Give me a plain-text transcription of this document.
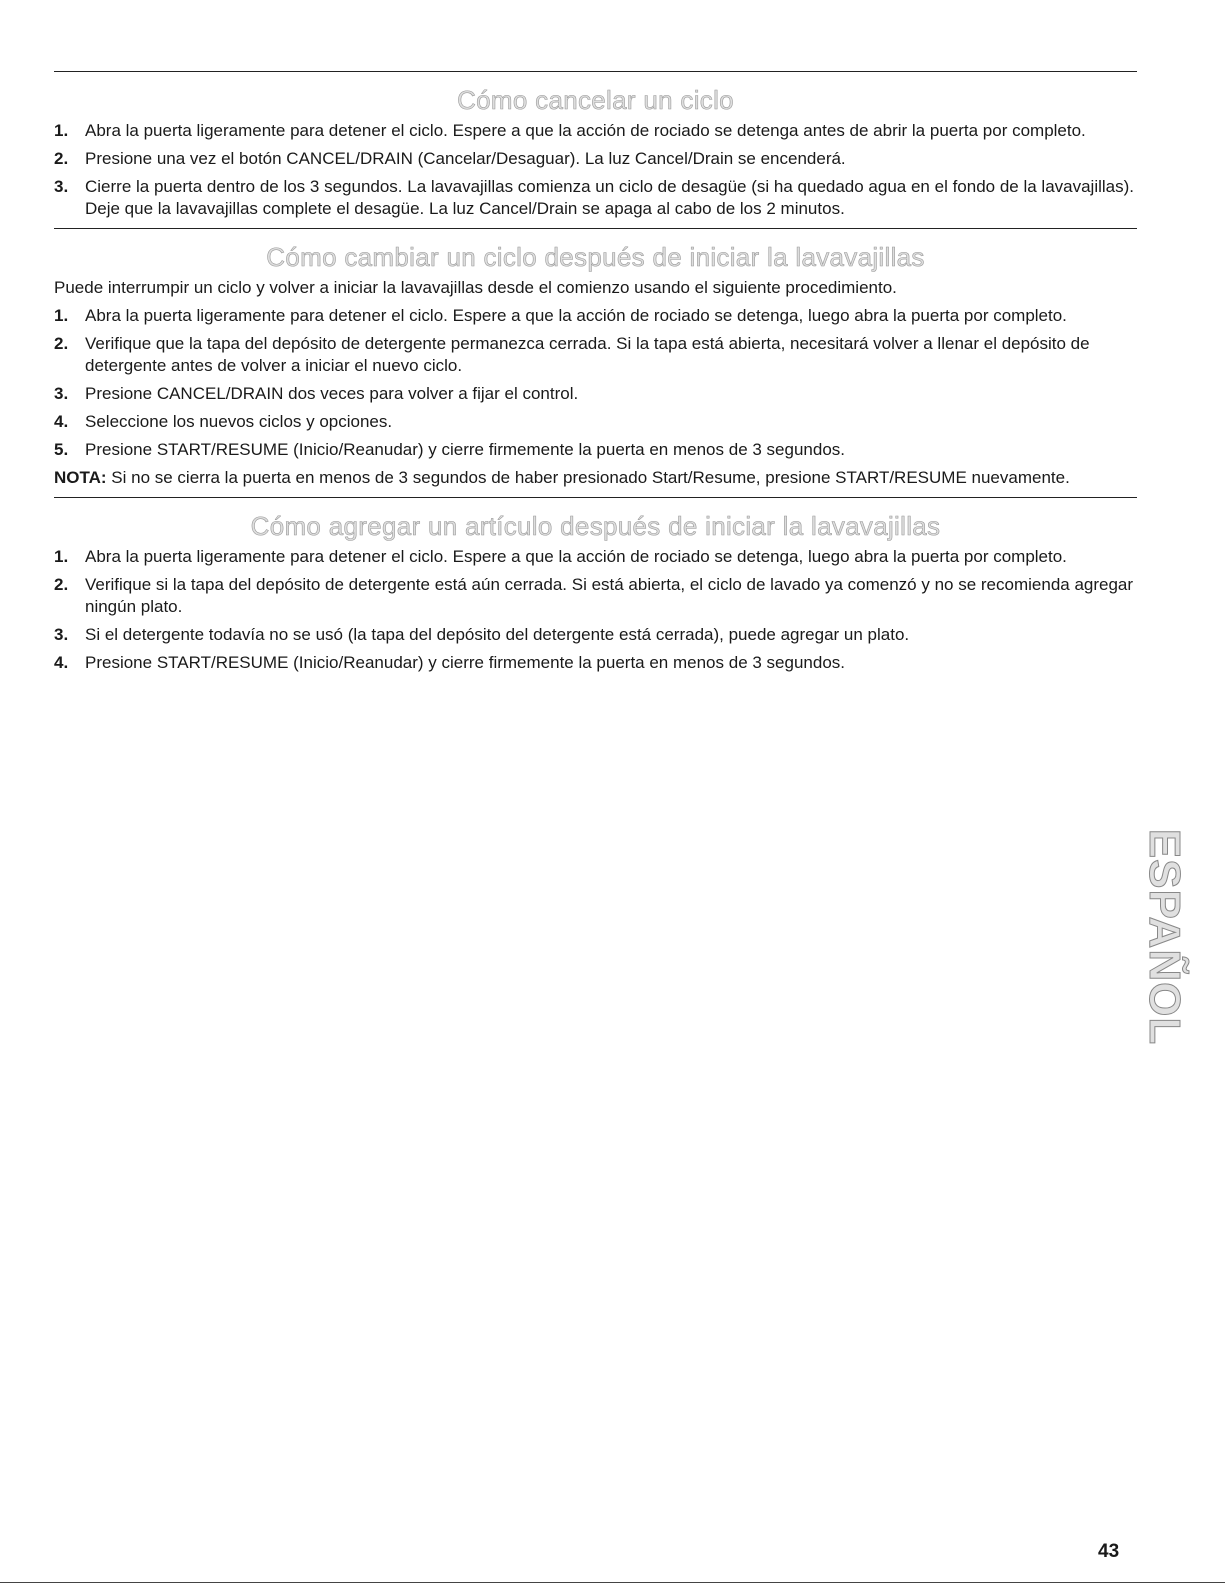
Cómo cancelar un ciclo
1. Abra la puerta ligeramente para detener el ciclo. Espere a que la acción de rociado se detenga antes de abrir la puerta por completo.
2. Presione una vez el botón CANCEL/DRAIN (Cancelar/Desaguar). La luz Cancel/Drain se encenderá.
3. Cierre la puerta dentro de los 3 segundos. La lavavajillas comienza un ciclo de desagüe (si ha quedado agua en el fondo de la lavavajillas). Deje que la lavavajillas complete el desagüe. La luz Cancel/Drain se apaga al cabo de los 2 minutos.
Cómo cambiar un ciclo después de iniciar la lavavajillas

Puede interrumpir un ciclo y volver a iniciar la lavavajillas desde el comienzo usando el siguiente procedimiento.

1. Abra la puerta ligeramente para detener el ciclo. Espere a que la acción de rociado se detenga, luego abra la puerta por completo.
2. Verifique que la tapa del depósito de detergente permanezca cerrada. Si la tapa está abierta, necesitará volver a llenar el depósito de detergente antes de volver a iniciar el nuevo ciclo.
3. Presione CANCEL/DRAIN dos veces para volver a fijar el control.
4. Seleccione los nuevos ciclos y opciones.
5. Presione START/RESUME (Inicio/Reanudar) y cierre firmemente la puerta en menos de 3 segundos.

NOTA: Si no se cierra la puerta en menos de 3 segundos de haber presionado Start/Resume, presione START/RESUME nuevamente.

Cómo agregar un artículo después de iniciar la lavavajillas
1. Abra la puerta ligeramente para detener el ciclo. Espere a que la acción de rociado se detenga, luego abra la puerta por completo.
2. Verifique si la tapa del depósito de detergente está aún cerrada. Si está abierta, el ciclo de lavado ya comenzó y no se recomienda agregar ningún plato.
3. Si el detergente todavía no se usó (la tapa del depósito del detergente está cerrada), puede agregar un plato.
4. Presione START/RESUME (Inicio/Reanudar) y cierre firmemente la puerta en menos de 3 segundos.
ESPAÑOL
43
